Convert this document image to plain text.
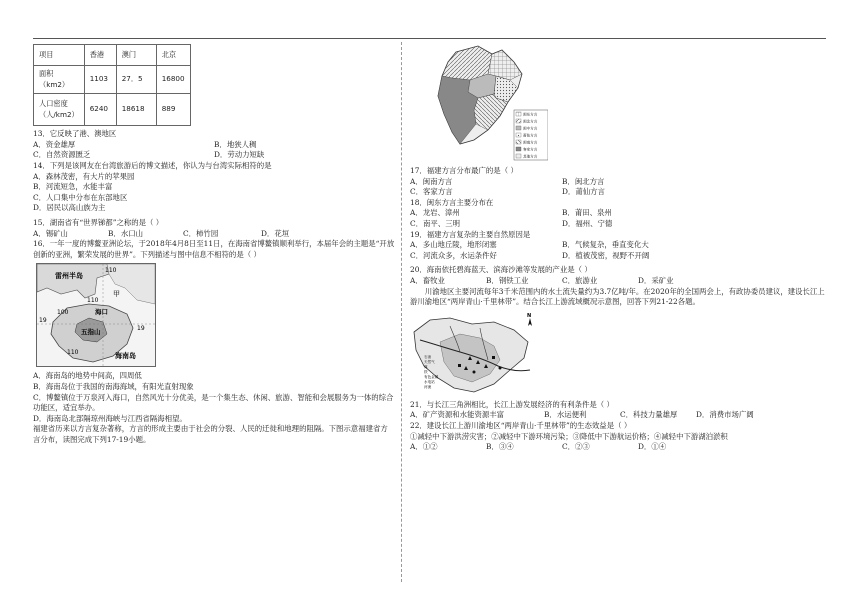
项目	香港	澳门	北京
面积（km2）	1103	27．5	16800
人口密度（人/km2）	6240	18618	889
13．它反映了港、澳地区
A．资金雄厚	B．地狭人稠
C．自然资源匮乏	D．劳动力短缺
14．下列是该网友在台湾旅游后的博文描述，你认为与台湾实际相符的是
A．森林茂密，有大片的苹果园
B．河流短急，水能丰富
C．人口集中分布在东部地区
D．居民以高山族为主
15．湖南省有“世界锑都”之称的是（ ）
A．锡矿山	B．水口山	C．柿竹园	D．花垣
16．一年一度的博鳌亚洲论坛，于2018年4月8日至11日，在海南省博鳌镇顺利举行，本届年会的主题是“开放创新的亚洲，繁荣发展的世界”。下列描述与图中信息不相符的是（ ）
雷州半岛
甲
110
海口
100
五指山
19
110	海南岛
19
110
A．海南岛的地势中间高，四周低
B．海南岛位于我国的南海海域，有阳光直射现象
C．博鳌镇位于万泉河入海口，自然风光十分优美，是一个集生态、休闲、旅游、智能和会展服务为一体的综合功能区，适宜举办。
D．海南岛北部隔琼州海峡与江西省隔海相望。
福建省历来以方言复杂著称，方言的形成主要由于社会的分裂、人民的迁徙和地理的阻隔。下图示意福建省方言分布，读图完成下列17-19小题。
闽东方言
闽北方言
闽中方言
莆仙方言
闽南方言
客家方言
其他方言
17．福建方言分布最广的是（ ）
A．闽南方言	B．闽北方言
C．客家方言	D．莆仙方言
18．闽东方言主要分布在
A．龙岩、漳州	B．莆田、泉州
C．南平、三明	D．福州、宁德
19．福建方言复杂的主要自然原因是
A．多山地丘陵，地形闭塞	B．气候复杂，垂直变化大
C．河流众多，水运条件好	D．植被茂密，视野不开阔
20．海南依托碧海蓝天、滨海沙滩等发展的产业是（ ）
A．畜牧业	B．钢铁工业	C．旅游业	D．采矿业
川渝地区主要河流每年3千米范围内的水土流失量约为3.7亿吨/年。在2020年的全国两会上，有政协委员建议，建设长江上游川渝地区“两岸青山·千里林带”。结合长江上游流域概况示意图，回答下列21-22各题。
石油
天然气
煤
铁
有色金属
水电站
河流
N
21．与长江三角洲相比，长江上游发展经济的有利条件是（ ）
A．矿产资源和水能资源丰富	B．水运便利	C．科技力量雄厚	D．消费市场广阔
22．建设长江上游川渝地区“两岸青山·千里林带”的生态效益是（ ）
①减轻中下游洪涝灾害；②减轻中下游环境污染；③降低中下游航运价格；④减轻中下游湖泊淤积
A．①②	B．③④	C．②③	D．①④
